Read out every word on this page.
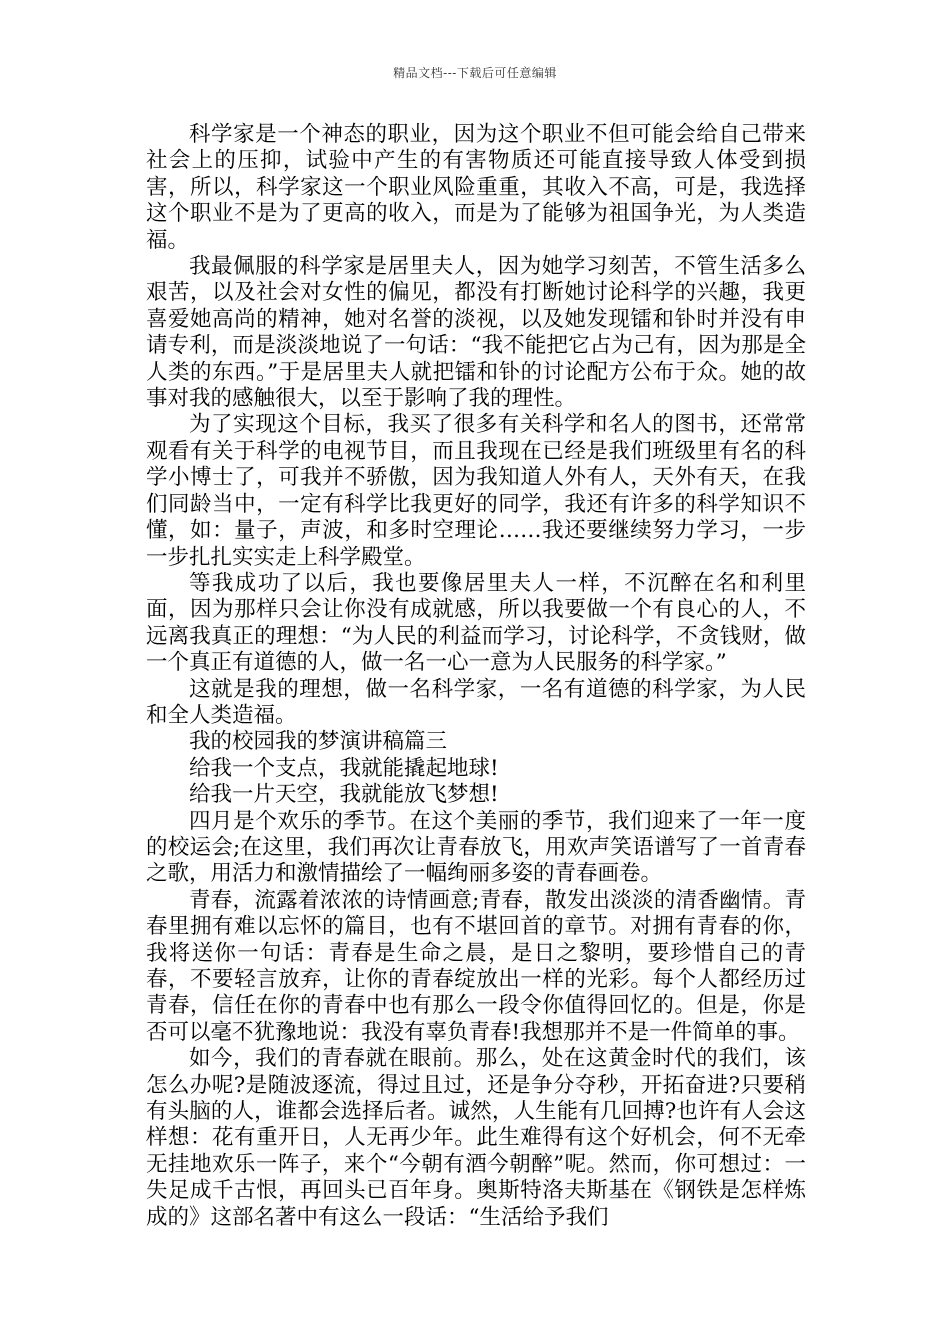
精品文档---下载后可任意编辑

科学家是一个神态的职业，因为这个职业不但可能会给自己带来社会上的压抑，试验中产生的有害物质还可能直接导致人体受到损害，所以，科学家这一个职业风险重重，其收入不高，可是，我选择这个职业不是为了更高的收入，而是为了能够为祖国争光，为人类造福。

我最佩服的科学家是居里夫人，因为她学习刻苦，不管生活多么艰苦，以及社会对女性的偏见，都没有打断她讨论科学的兴趣，我更喜爱她高尚的精神，她对名誉的淡视，以及她发现镭和钋时并没有申请专利，而是淡淡地说了一句话：“我不能把它占为己有，因为那是全人类的东西。”于是居里夫人就把镭和钋的讨论配方公布于众。她的故事对我的感触很大，以至于影响了我的理性。

为了实现这个目标，我买了很多有关科学和名人的图书，还常常观看有关于科学的电视节目，而且我现在已经是我们班级里有名的科学小博士了，可我并不骄傲，因为我知道人外有人，天外有天，在我们同龄当中，一定有科学比我更好的同学，我还有许多的科学知识不懂，如：量子，声波，和多时空理论……我还要继续努力学习，一步一步扎扎实实走上科学殿堂。

等我成功了以后，我也要像居里夫人一样，不沉醉在名和利里面，因为那样只会让你没有成就感，所以我要做一个有良心的人，不远离我真正的理想：“为人民的利益而学习，讨论科学，不贪钱财，做一个真正有道德的人，做一名一心一意为人民服务的科学家。”

这就是我的理想，做一名科学家，一名有道德的科学家，为人民和全人类造福。

我的校园我的梦演讲稿篇三

给我一个支点，我就能撬起地球!

给我一片天空，我就能放飞梦想!

四月是个欢乐的季节。在这个美丽的季节，我们迎来了一年一度的校运会;在这里，我们再次让青春放飞，用欢声笑语谱写了一首青春之歌，用活力和激情描绘了一幅绚丽多姿的青春画卷。

青春，流露着浓浓的诗情画意;青春，散发出淡淡的清香幽情。青春里拥有难以忘怀的篇目，也有不堪回首的章节。对拥有青春的你，我将送你一句话：青春是生命之晨，是日之黎明，要珍惜自己的青春，不要轻言放弃，让你的青春绽放出一样的光彩。每个人都经历过青春，信任在你的青春中也有那么一段令你值得回忆的。但是，你是否可以毫不犹豫地说：我没有辜负青春!我想那并不是一件简单的事。

如今，我们的青春就在眼前。那么，处在这黄金时代的我们，该怎么办呢?是随波逐流，得过且过，还是争分夺秒，开拓奋进?只要稍有头脑的人，谁都会选择后者。诚然，人生能有几回搏?也许有人会这样想：花有重开日，人无再少年。此生难得有这个好机会，何不无牵无挂地欢乐一阵子，来个“今朝有酒今朝醉”呢。然而，你可想过：一失足成千古恨，再回头已百年身。奥斯特洛夫斯基在《钢铁是怎样炼成的》这部名著中有这么一段话：“生活给予我们
